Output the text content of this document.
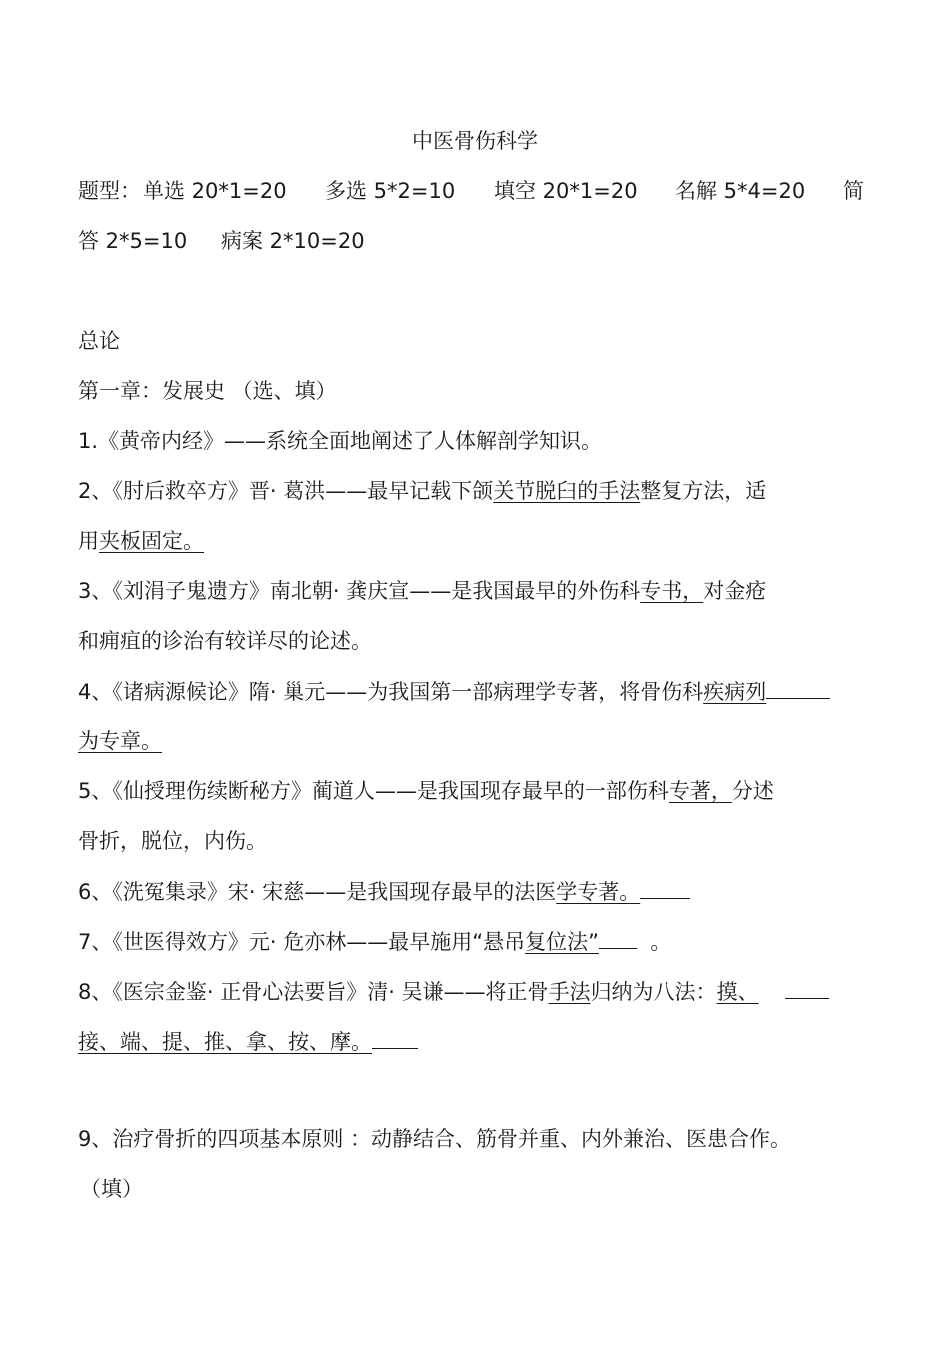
中医骨伤科学
题型： 单选 20*1=20 多选 5*2=10 填空 20*1=20 名解 5*4=20 简
答 2*5=10 病案 2*10=20
总论
第一章：发展史 （选、填）
1.《黄帝内经》——系统全面地阐述了人体解剖学知识。
2、《肘后救卒方》晋· 葛洪——最早记载下颌关节脱臼的手法整复方法，适
用夹板固定。
3、《刘涓子鬼遗方》南北朝· 龚庆宣——是我国最早的外伤科专书，对金疮
和痈疽的诊治有较详尽的论述。
4、《诸病源候论》隋· 巢元——为我国第一部病理学专著，将骨伤科疾病列
为专章。
5、《仙授理伤续断秘方》蔺道人——是我国现存最早的一部伤科专著，分述
骨折，脱位，内伤。
6、《洗冤集录》宋· 宋慈——是我国现存最早的法医学专著。
7、《世医得效方》元· 危亦林——最早施用“悬吊复位法” 。
8、《医宗金鉴· 正骨心法要旨》清· 吴谦——将正骨手法归纳为八法：摸、
接、端、提、推、拿、按、摩。
9、治疗骨折的四项基本原则 ：动静结合、筋骨并重、内外兼治、医患合作。
（填）
